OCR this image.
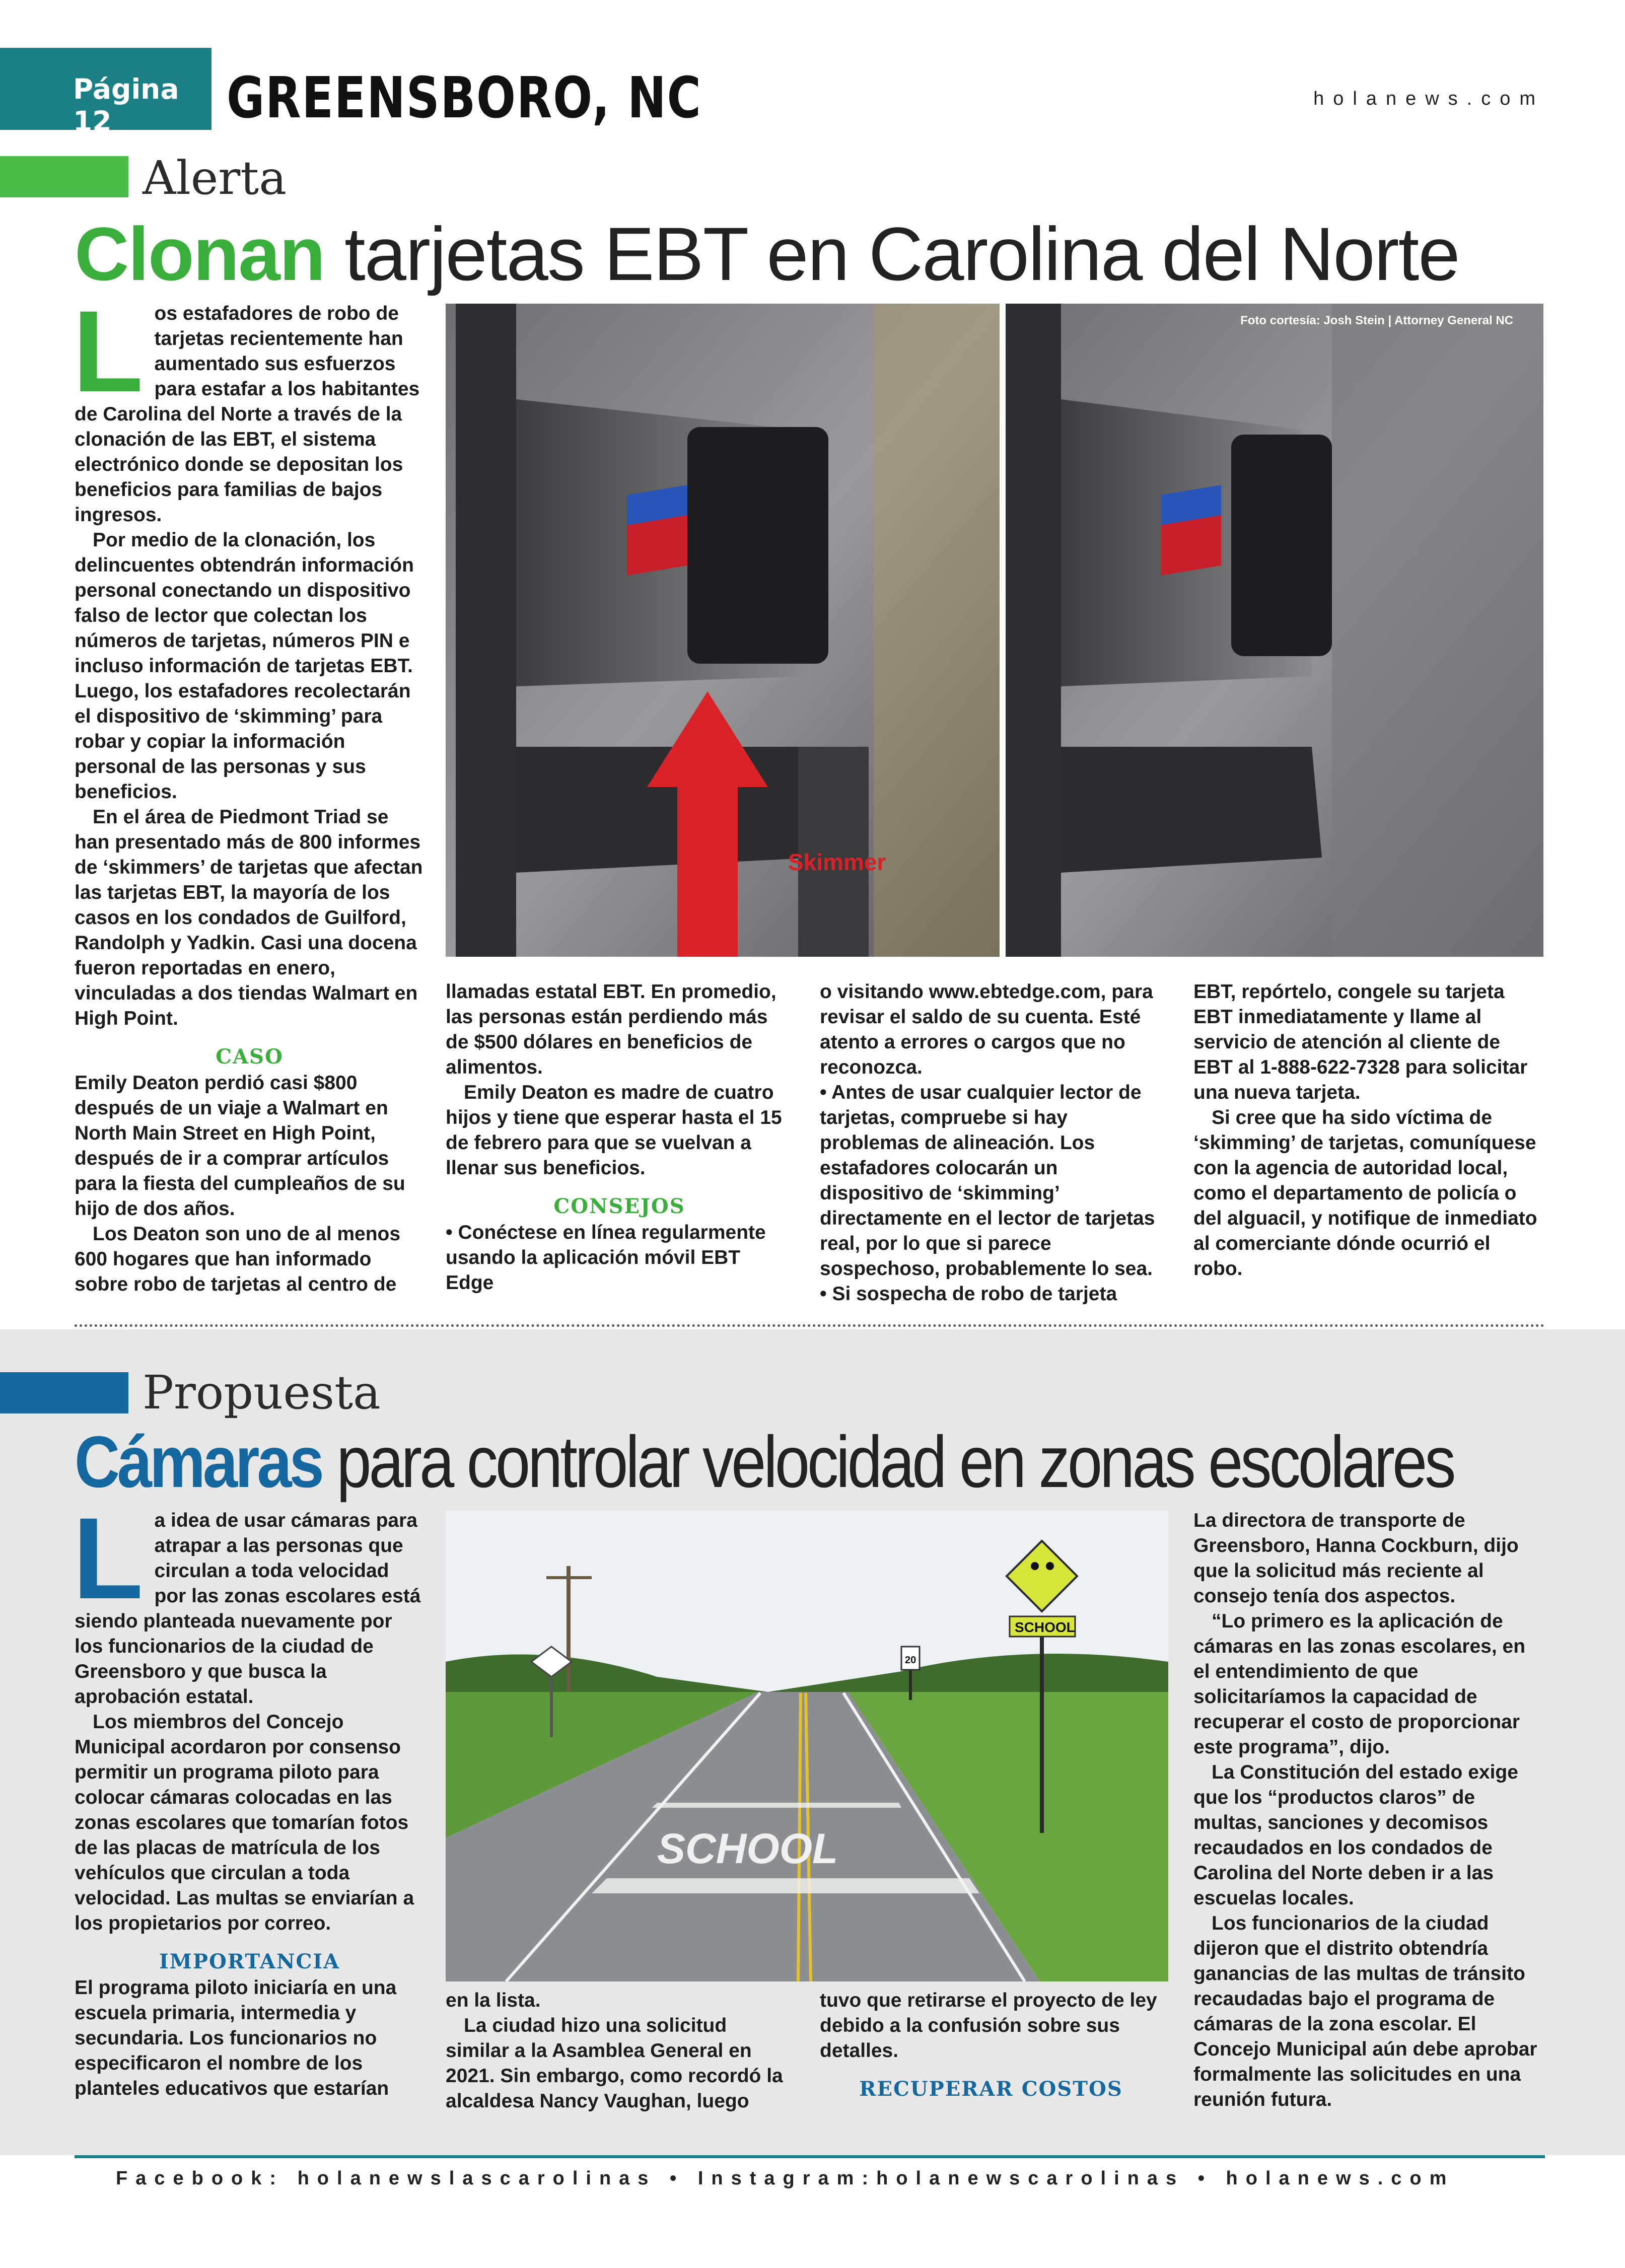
Página 12	GREENSBORO, NC	holanews.com
Alerta
Clonan tarjetas EBT en Carolina del Norte
L os estafadores de robo de tarjetas recientemente han aumentado sus esfuerzos para estafar a los habitantes de Carolina del Norte a través de la clonación de las EBT, el sistema electrónico donde se depositan los beneficios para familias de bajos ingresos.

Por medio de la clonación, los delincuentes obtendrán información personal conectando un dispositivo falso de lector que colectan los números de tarjetas, números PIN e incluso información de tarjetas EBT. Luego, los estafadores recolectarán el dispositivo de ‘skimming’ para robar y copiar la información personal de las personas y sus beneficios.

En el área de Piedmont Triad se han presentado más de 800 informes de ‘skimmers’ de tarjetas que afectan las tarjetas EBT, la mayoría de los casos en los condados de Guilford, Randolph y Yadkin. Casi una docena fueron reportadas en enero, vinculadas a dos tiendas Walmart en High Point.

CASO

Emily Deaton perdió casi $800 después de un viaje a Walmart en North Main Street en High Point, después de ir a comprar artículos para la fiesta del cumpleaños de su hijo de dos años.

Los Deaton son uno de al menos 600 hogares que han informado sobre robo de tarjetas al centro de

Skimmer
Foto cortesía: Josh Stein | Attorney General NC

llamadas estatal EBT. En promedio, las personas están perdiendo más de $500 dólares en beneficios de alimentos.

Emily Deaton es madre de cuatro hijos y tiene que esperar hasta el 15 de febrero para que se vuelvan a llenar sus beneficios.

CONSEJOS

• Conéctese en línea regularmente usando la aplicación móvil EBT Edge

o visitando www.ebtedge.com, para revisar el saldo de su cuenta. Esté atento a errores o cargos que no reconozca.

• Antes de usar cualquier lector de tarjetas, compruebe si hay problemas de alineación. Los estafadores colocarán un dispositivo de ‘skimming’ directamente en el lector de tarjetas real, por lo que si parece sospechoso, probablemente lo sea.

• Si sospecha de robo de tarjeta

EBT, repórtelo, congele su tarjeta EBT inmediatamente y llame al servicio de atención al cliente de EBT al 1-888-622-7328 para solicitar una nueva tarjeta.

Si cree que ha sido víctima de ‘skimming’ de tarjetas, comuníquese con la agencia de autoridad local, como el departamento de policía o del alguacil, y notifique de inmediato al comerciante dónde ocurrió el robo.

Propuesta
Cámaras para controlar velocidad en zonas escolares
L a idea de usar cámaras para atrapar a las personas que circulan a toda velocidad por las zonas escolares está siendo planteada nuevamente por los funcionarios de la ciudad de Greensboro y que busca la aprobación estatal.

Los miembros del Concejo Municipal acordaron por consenso permitir un programa piloto para colocar cámaras colocadas en las zonas escolares que tomarían fotos de las placas de matrícula de los vehículos que circulan a toda velocidad. Las multas se enviarían a los propietarios por correo.

IMPORTANCIA

El programa piloto iniciaría en una escuela primaria, intermedia y secundaria. Los funcionarios no especificaron el nombre de los planteles educativos que estarían

SCHOOL
SCHOOL
20

en la lista.

La ciudad hizo una solicitud similar a la Asamblea General en 2021. Sin embargo, como recordó la alcaldesa Nancy Vaughan, luego

tuvo que retirarse el proyecto de ley debido a la confusión sobre sus detalles.

RECUPERAR COSTOS

La directora de transporte de Greensboro, Hanna Cockburn, dijo que la solicitud más reciente al consejo tenía dos aspectos.

“Lo primero es la aplicación de cámaras en las zonas escolares, en el entendimiento de que solicitaríamos la capacidad de recuperar el costo de proporcionar este programa”, dijo.

La Constitución del estado exige que los “productos claros” de multas, sanciones y decomisos recaudados en los condados de Carolina del Norte deben ir a las escuelas locales.

Los funcionarios de la ciudad dijeron que el distrito obtendría ganancias de las multas de tránsito recaudadas bajo el programa de cámaras de la zona escolar. El Concejo Municipal aún debe aprobar formalmente las solicitudes en una reunión futura.

Facebook: holanewslascarolinas • Instagram:holanewscarolinas • holanews.com
